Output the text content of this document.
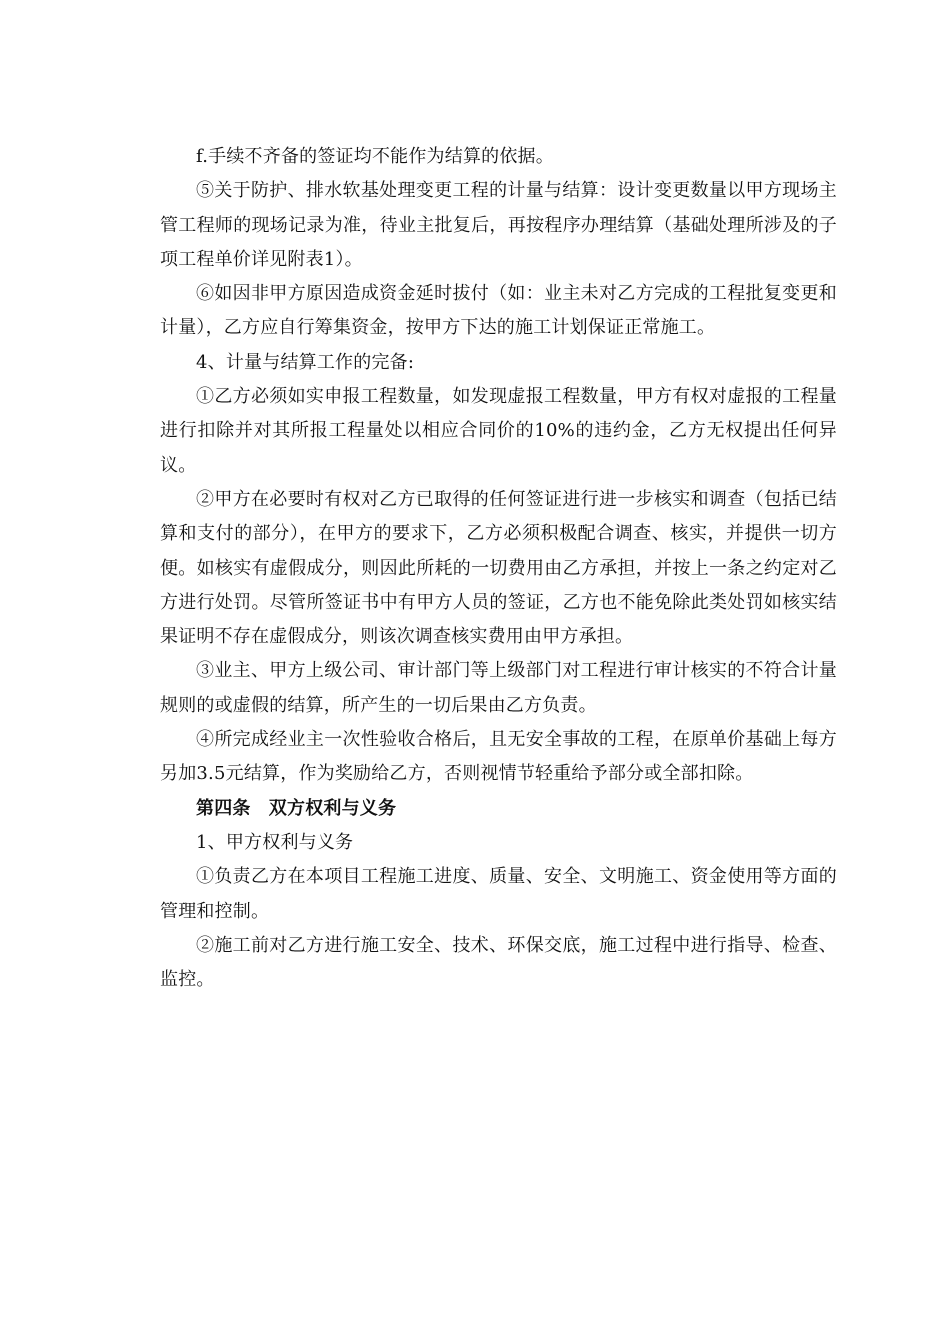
f.手续不齐备的签证均不能作为结算的依据。

⑤关于防护、排水软基处理变更工程的计量与结算：设计变更数量以甲方现场主管工程师的现场记录为准，待业主批复后，再按程序办理结算（基础处理所涉及的子项工程单价详见附表1）。

⑥如因非甲方原因造成资金延时拔付（如：业主未对乙方完成的工程批复变更和计量），乙方应自行筹集资金，按甲方下达的施工计划保证正常施工。

4、计量与结算工作的完备:

①乙方必须如实申报工程数量，如发现虚报工程数量，甲方有权对虚报的工程量进行扣除并对其所报工程量处以相应合同价的10%的违约金，乙方无权提出任何异议。

②甲方在必要时有权对乙方已取得的任何签证进行进一步核实和调查（包括已结算和支付的部分），在甲方的要求下，乙方必须积极配合调查、核实，并提供一切方便。如核实有虚假成分，则因此所耗的一切费用由乙方承担，并按上一条之约定对乙方进行处罚。尽管所签证书中有甲方人员的签证，乙方也不能免除此类处罚如核实结果证明不存在虚假成分，则该次调查核实费用由甲方承担。

③业主、甲方上级公司、审计部门等上级部门对工程进行审计核实的不符合计量规则的或虚假的结算，所产生的一切后果由乙方负责。

④所完成经业主一次性验收合格后，且无安全事故的工程，在原单价基础上每方另加3.5元结算，作为奖励给乙方，否则视情节轻重给予部分或全部扣除。

第四条　双方权利与义务

1、甲方权利与义务

①负责乙方在本项目工程施工进度、质量、安全、文明施工、资金使用等方面的管理和控制。

②施工前对乙方进行施工安全、技术、环保交底，施工过程中进行指导、检查、监控。
